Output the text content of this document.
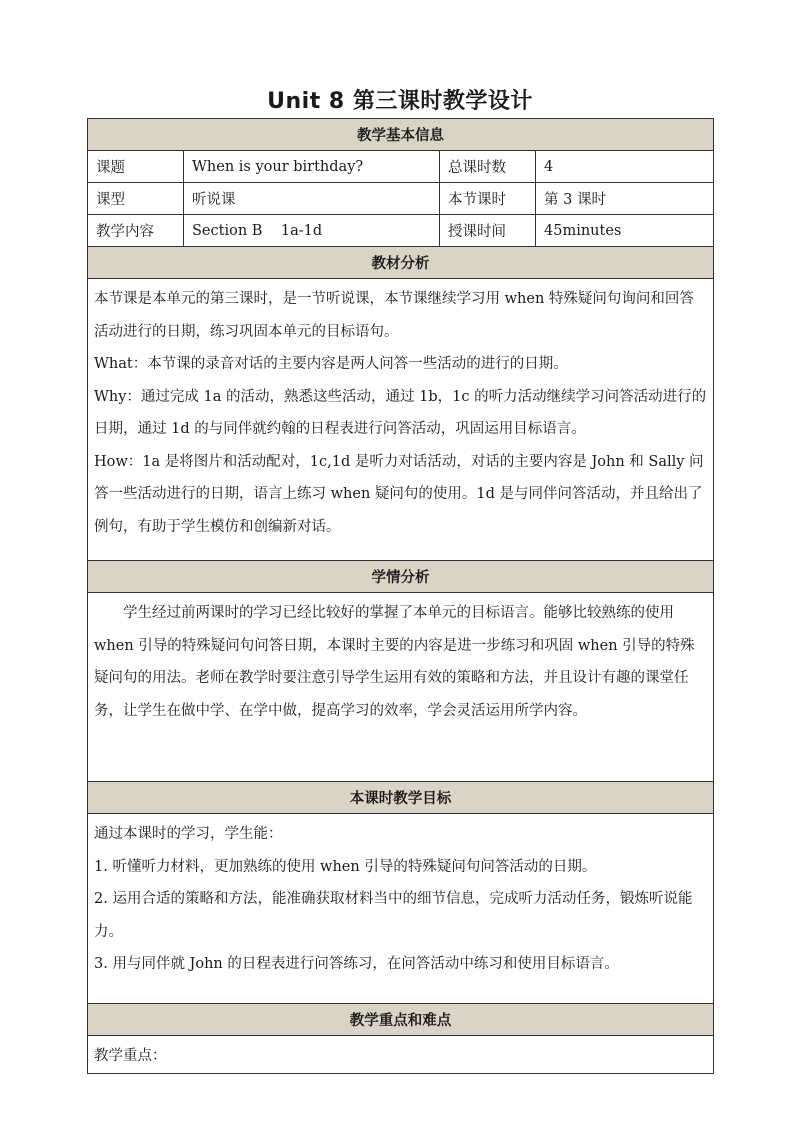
Unit 8 第三课时教学设计
教学基本信息			
课题	When is your birthday?	总课时数	4
课型	听说课	本节课时	第 3 课时
教学内容	Section B    1a-1d	授课时间	45minutes
教材分析			

本节课是本单元的第三课时，是一节听说课，本节课继续学习用 when 特殊疑问句询问和回答活动进行的日期，练习巩固本单元的目标语句。

What：本节课的录音对话的主要内容是两人问答一些活动的进行的日期。

Why：通过完成 1a 的活动，熟悉这些活动，通过 1b，1c 的听力活动继续学习问答活动进行的日期，通过 1d 的与同伴就约翰的日程表进行问答活动，巩固运用目标语言。

How：1a 是将图片和活动配对，1c,1d 是听力对话活动，对话的主要内容是 John 和 Sally 问答一些活动进行的日期，语言上练习 when 疑问句的使用。1d 是与同伴问答活动，并且给出了例句，有助于学生模仿和创编新对话。			

学情分析			

学生经过前两课时的学习已经比较好的掌握了本单元的目标语言。能够比较熟练的使用 when 引导的特殊疑问句问答日期，本课时主要的内容是进一步练习和巩固 when 引导的特殊疑问句的用法。老师在教学时要注意引导学生运用有效的策略和方法，并且设计有趣的课堂任务，让学生在做中学、在学中做，提高学习的效率，学会灵活运用所学内容。			

本课时教学目标			

通过本课时的学习，学生能：

1. 听懂听力材料，更加熟练的使用 when 引导的特殊疑问句问答活动的日期。

2. 运用合适的策略和方法，能准确获取材料当中的细节信息，完成听力活动任务，锻炼听说能力。

3. 用与同伴就 John 的日程表进行问答练习，在问答活动中练习和使用目标语言。			

教学重点和难点			

教学重点：			
